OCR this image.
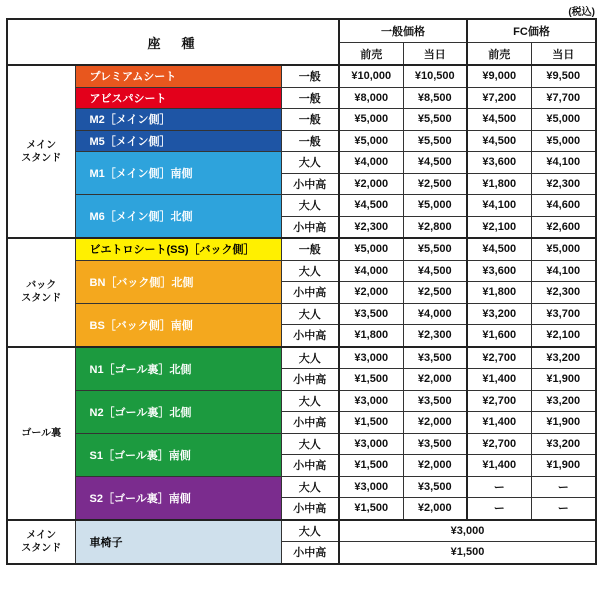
(税込)
座　種			一般価格		FC価格	
			前売	当日	前売	当日
メイン
スタンド	プレミアムシート	一般	¥10,000	¥10,500	¥9,000	¥9,500
	アビスパシート	一般	¥8,000	¥8,500	¥7,200	¥7,700
	M2［メイン側］	一般	¥5,000	¥5,500	¥4,500	¥5,000
	M5［メイン側］	一般	¥5,000	¥5,500	¥4,500	¥5,000
	M1［メイン側］南側	大人	¥4,000	¥4,500	¥3,600	¥4,100
		小中高	¥2,000	¥2,500	¥1,800	¥2,300
	M6［メイン側］北側	大人	¥4,500	¥5,000	¥4,100	¥4,600
		小中高	¥2,300	¥2,800	¥2,100	¥2,600
バック
スタンド	ビエトロシート(SS)［バック側］	一般	¥5,000	¥5,500	¥4,500	¥5,000
	BN［バック側］北側	大人	¥4,000	¥4,500	¥3,600	¥4,100
		小中高	¥2,000	¥2,500	¥1,800	¥2,300
	BS［バック側］南側	大人	¥3,500	¥4,000	¥3,200	¥3,700
		小中高	¥1,800	¥2,300	¥1,600	¥2,100
ゴール裏	N1［ゴール裏］北側	大人	¥3,000	¥3,500	¥2,700	¥3,200
		小中高	¥1,500	¥2,000	¥1,400	¥1,900
	N2［ゴール裏］北側	大人	¥3,000	¥3,500	¥2,700	¥3,200
		小中高	¥1,500	¥2,000	¥1,400	¥1,900
	S1［ゴール裏］南側	大人	¥3,000	¥3,500	¥2,700	¥3,200
		小中高	¥1,500	¥2,000	¥1,400	¥1,900
	S2［ゴール裏］南側	大人	¥3,000	¥3,500	ー	ー
		小中高	¥1,500	¥2,000	ー	ー
メイン
スタンド	車椅子	大人	¥3,000			
		小中高	¥1,500			
